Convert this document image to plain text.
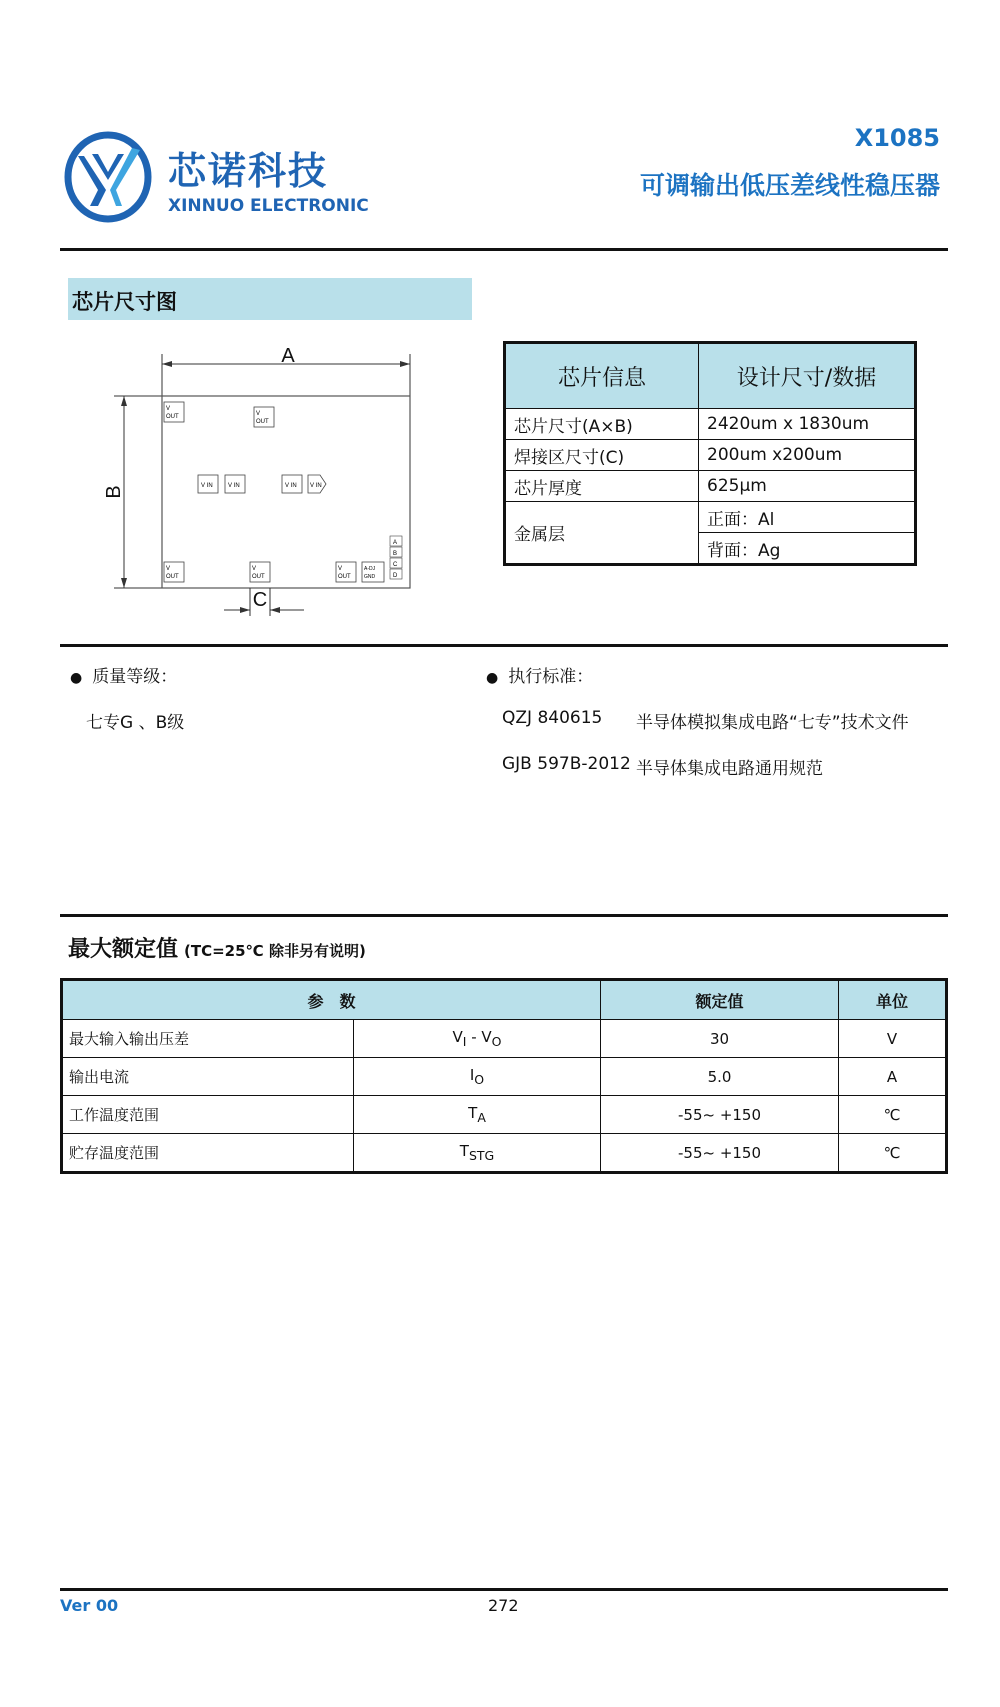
芯诺科技
XINNUO ELECTRONIC
X1085
可调输出低压差线性稳压器
芯片尺寸图
A
B
V
OUT	V
OUT
V IN	V IN	V IN V IN
V
OUT
V
OUT
V
OUT
A-DJ
GND
A
B
C
D
C
芯片信息	设计尺寸/数据
芯片尺寸(A×B)	2420um x 1830um
焊接区尺寸(C)	200um x200um
芯片厚度	625μm
金属层	正面：Al
	背面：Ag
● 质量等级：
七专G 、B级
● 执行标准：
QZJ 840615 半导体模拟集成电路“七专”技术文件
GJB 597B-2012 半导体集成电路通用规范
最大额定值 (TC=25℃ 除非另有说明)
参　数		额定值	单位
最大输入输出压差	$V_I - V_O$	30	V
输出电流	$I_O$	5.0	A
工作温度范围	$T_A$	-55~ +150	℃
贮存温度范围	$T_{STG}$	-55~ +150	℃
Ver 00	272
